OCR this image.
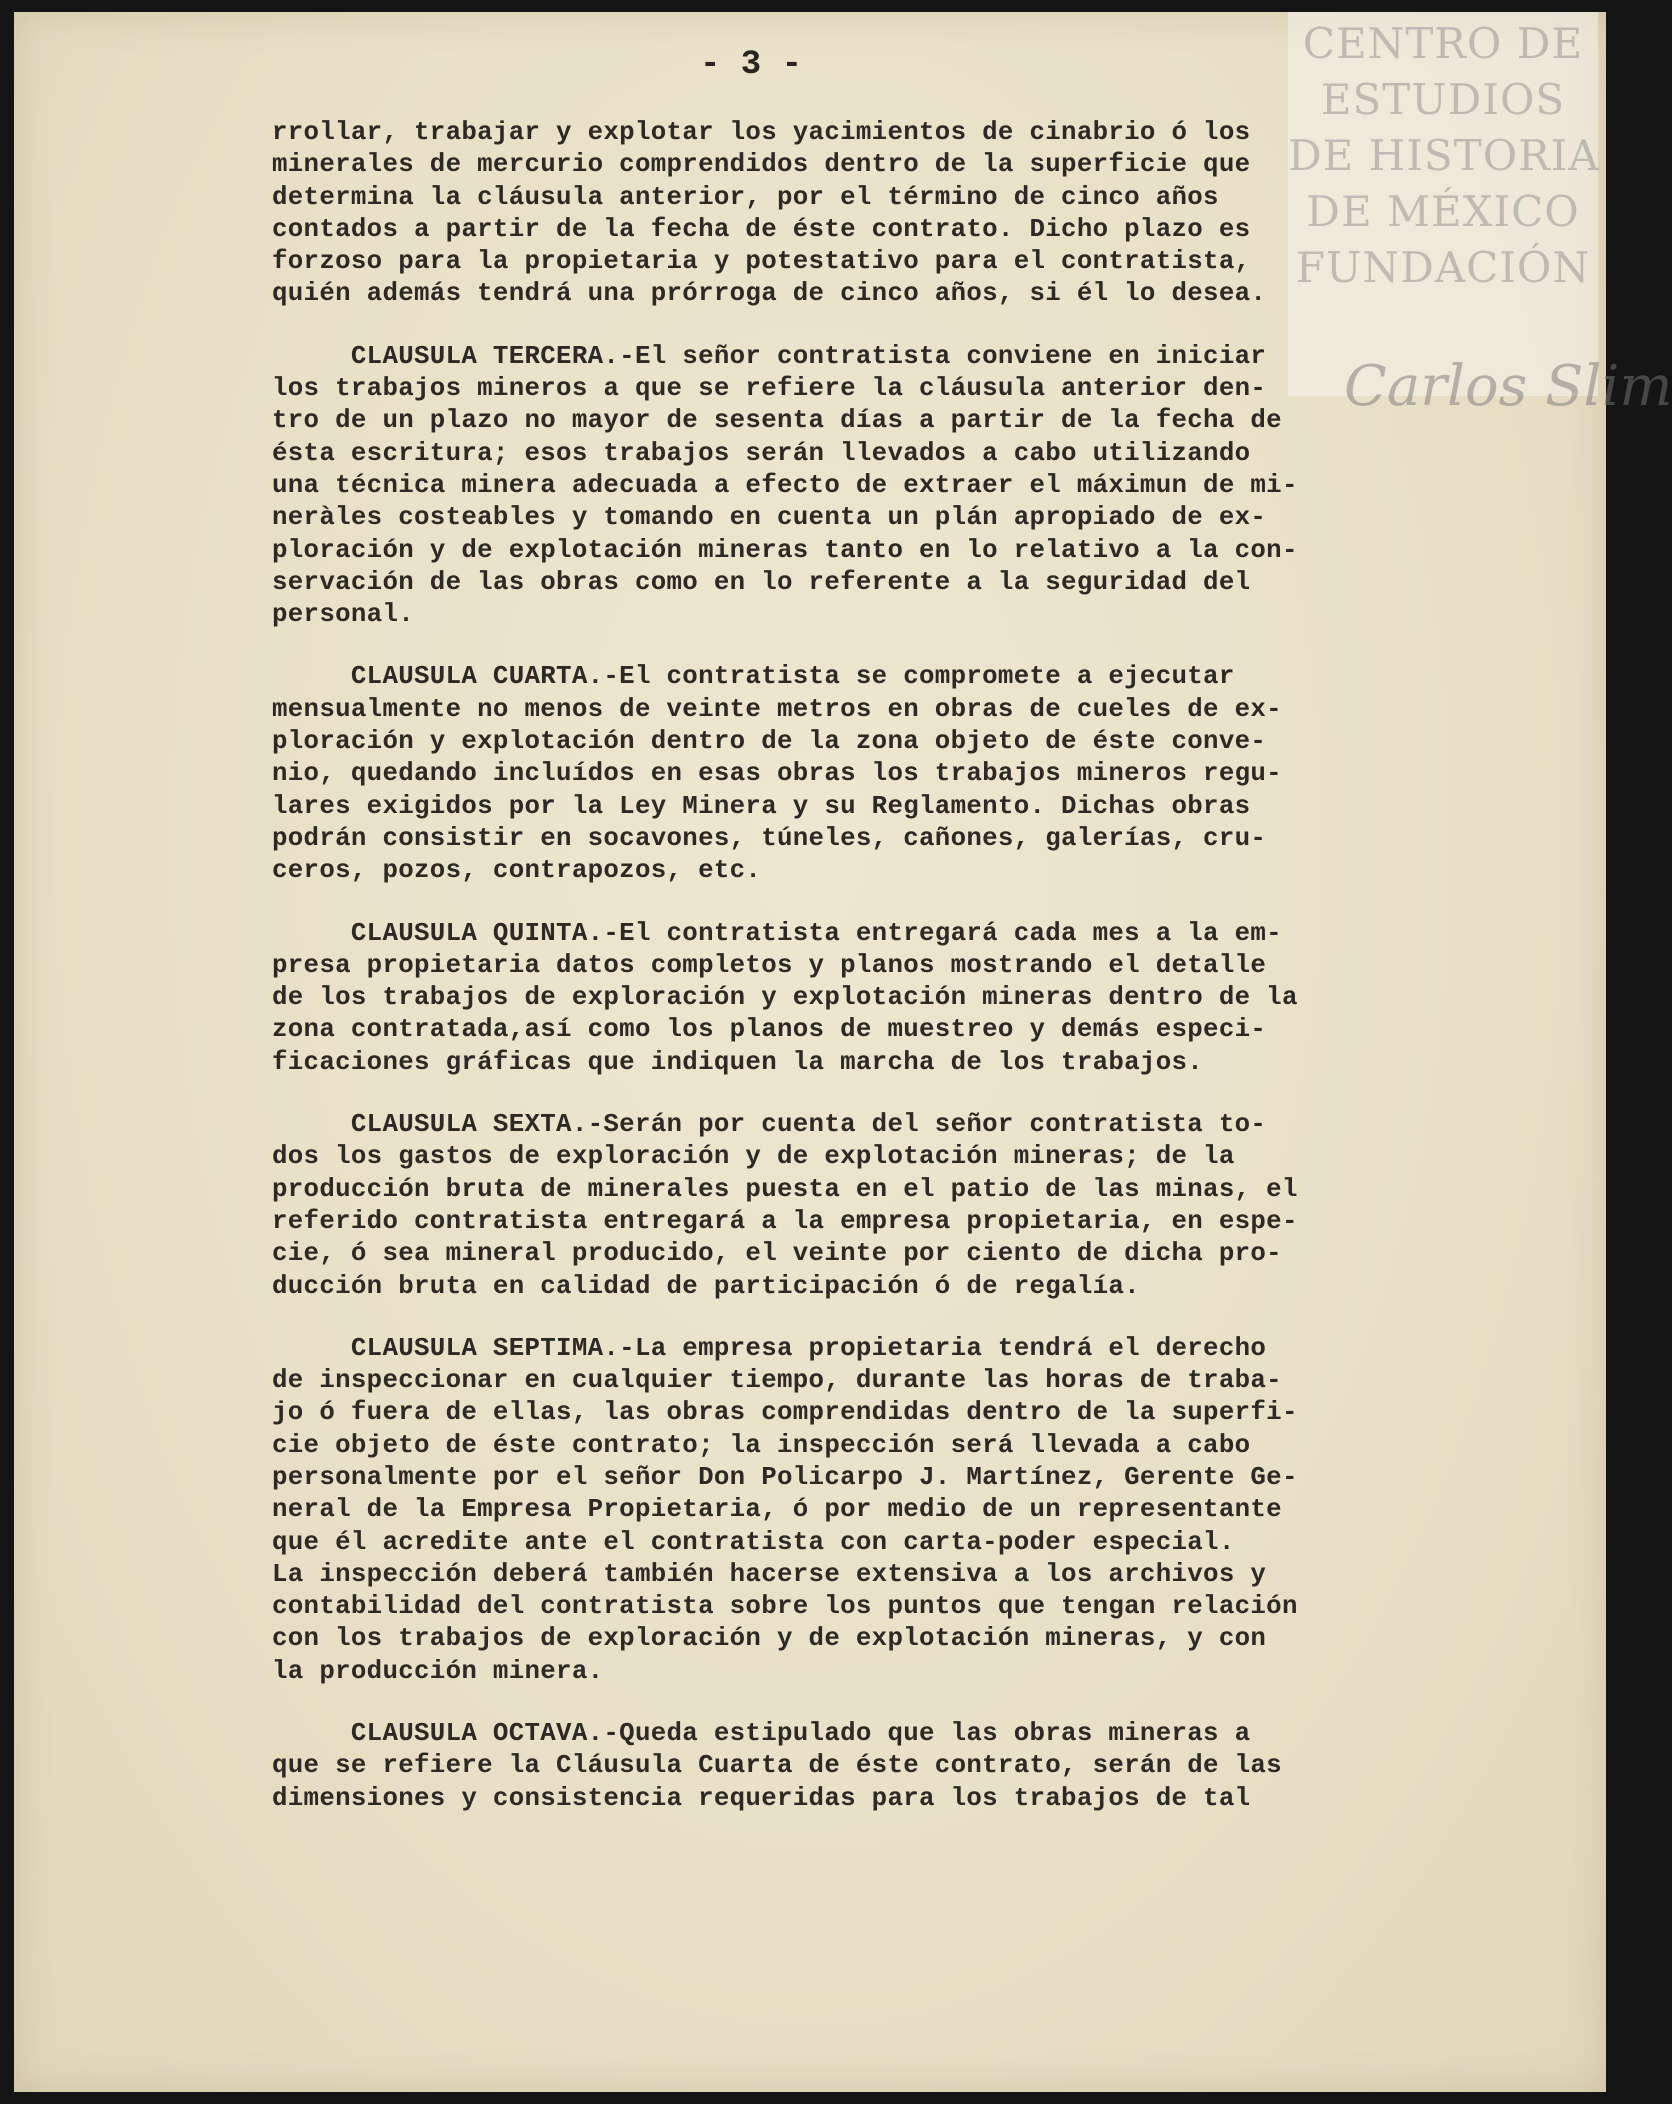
CENTRO DE
ESTUDIOS
DE HISTORIA
DE MÉXICO
FUNDACIÓN
Carlos Slim
- 3 -
rrollar, trabajar y explotar los yacimientos de cinabrio ó los
minerales de mercurio comprendidos dentro de la superficie que
determina la cláusula anterior, por el término de cinco años
contados a partir de la fecha de éste contrato. Dicho plazo es
forzoso para la propietaria y potestativo para el contratista,
quién además tendrá una prórroga de cinco años, si él lo desea.
CLAUSULA TERCERA.-El señor contratista conviene en iniciar
los trabajos mineros a que se refiere la cláusula anterior den-
tro de un plazo no mayor de sesenta días a partir de la fecha de
ésta escritura; esos trabajos serán llevados a cabo utilizando
una técnica minera adecuada a efecto de extraer el máximun de mi-
neràles costeables y tomando en cuenta un plán apropiado de ex-
ploración y de explotación mineras tanto en lo relativo a la con-
servación de las obras como en lo referente a la seguridad del
personal.
CLAUSULA CUARTA.-El contratista se compromete a ejecutar
mensualmente no menos de veinte metros en obras de cueles de ex-
ploración y explotación dentro de la zona objeto de éste conve-
nio, quedando incluídos en esas obras los trabajos mineros regu-
lares exigidos por la Ley Minera y su Reglamento. Dichas obras
podrán consistir en socavones, túneles, cañones, galerías, cru-
ceros, pozos, contrapozos, etc.
CLAUSULA QUINTA.-El contratista entregará cada mes a la em-
presa propietaria datos completos y planos mostrando el detalle
de los trabajos de exploración y explotación mineras dentro de la
zona contratada,así como los planos de muestreo y demás especi-
ficaciones gráficas que indiquen la marcha de los trabajos.
CLAUSULA SEXTA.-Serán por cuenta del señor contratista to-
dos los gastos de exploración y de explotación mineras; de la
producción bruta de minerales puesta en el patio de las minas, el
referido contratista entregará a la empresa propietaria, en espe-
cie, ó sea mineral producido, el veinte por ciento de dicha pro-
ducción bruta en calidad de participación ó de regalía.
CLAUSULA SEPTIMA.-La empresa propietaria tendrá el derecho
de inspeccionar en cualquier tiempo, durante las horas de traba-
jo ó fuera de ellas, las obras comprendidas dentro de la superfi-
cie objeto de éste contrato; la inspección será llevada a cabo
personalmente por el señor Don Policarpo J. Martínez, Gerente Ge-
neral de la Empresa Propietaria, ó por medio de un representante
que él acredite ante el contratista con carta-poder especial.
La inspección deberá también hacerse extensiva a los archivos y
contabilidad del contratista sobre los puntos que tengan relación
con los trabajos de exploración y de explotación mineras, y con
la producción minera.
CLAUSULA OCTAVA.-Queda estipulado que las obras mineras a
que se refiere la Cláusula Cuarta de éste contrato, serán de las
dimensiones y consistencia requeridas para los trabajos de tal
